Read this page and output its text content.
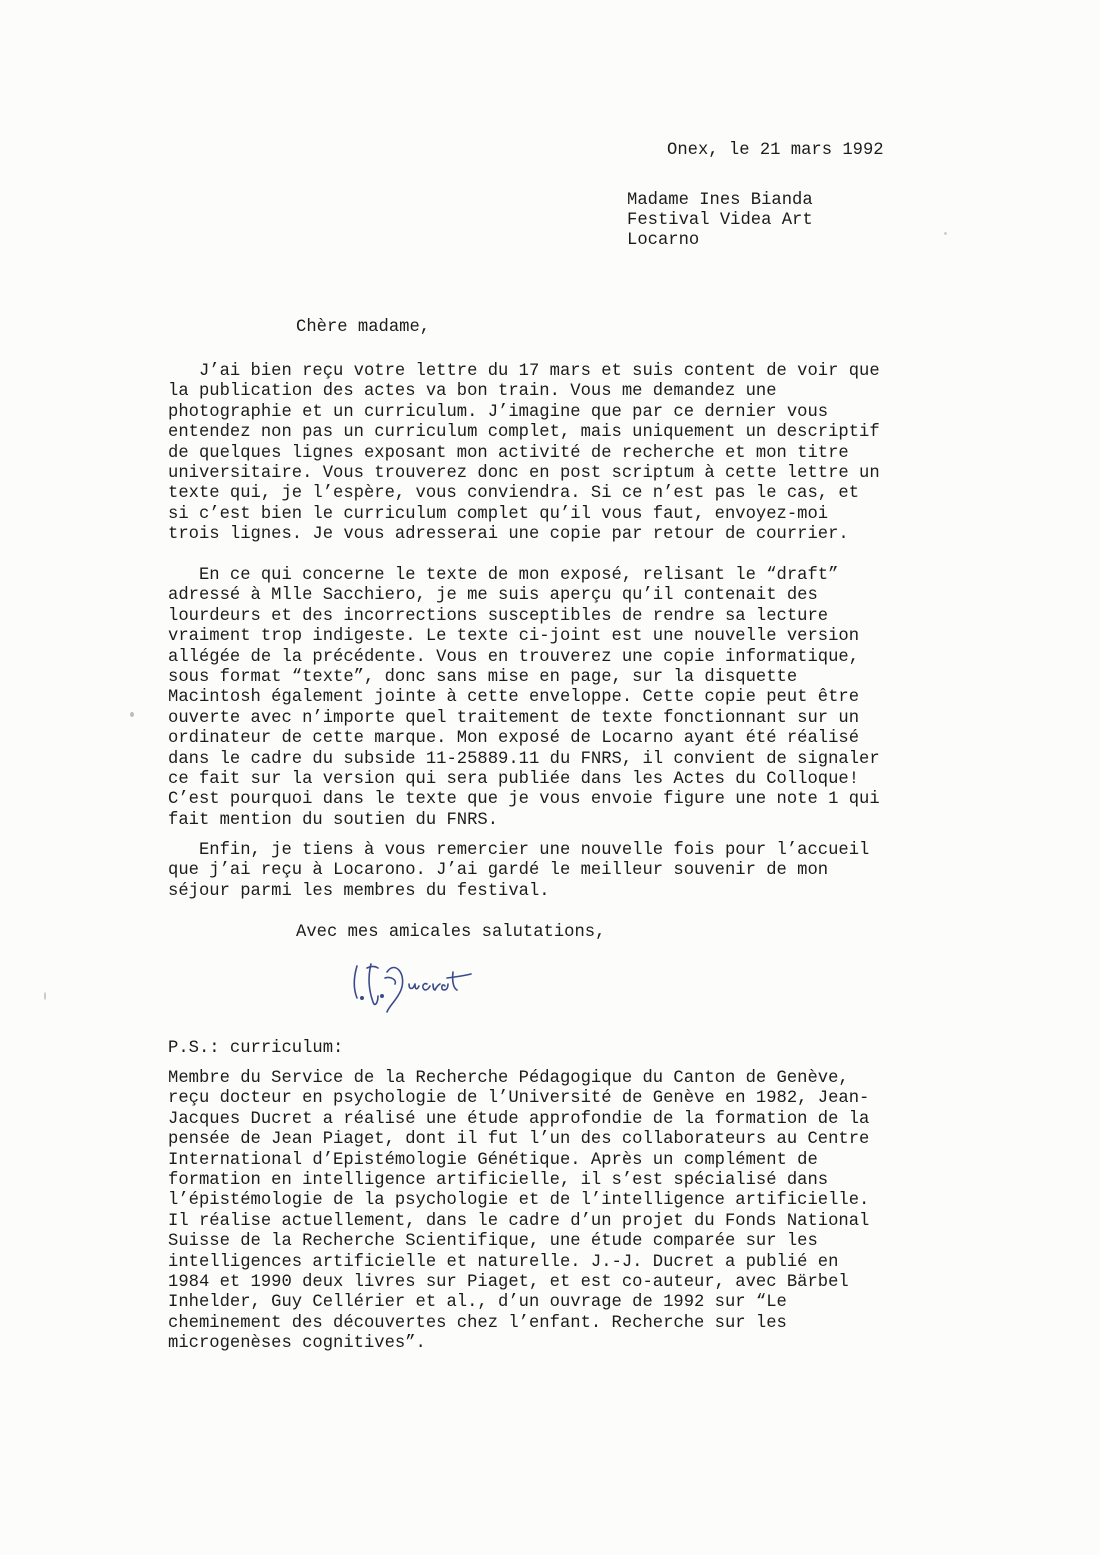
Onex, le 21 mars 1992
Madame Ines Bianda
Festival Videa Art
Locarno
Chère madame,
J’ai bien reçu votre lettre du 17 mars et suis content de voir que
la publication des actes va bon train. Vous me demandez une
photographie et un curriculum. J’imagine que par ce dernier vous
entendez non pas un curriculum complet, mais uniquement un descriptif
de quelques lignes exposant mon activité de recherche et mon titre
universitaire. Vous trouverez donc en post scriptum à cette lettre un
texte qui, je l’espère, vous conviendra. Si ce n’est pas le cas, et
si c’est bien le curriculum complet qu’il vous faut, envoyez-moi
trois lignes. Je vous adresserai une copie par retour de courrier.
En ce qui concerne le texte de mon exposé, relisant le “draft”
adressé à Mlle Sacchiero, je me suis aperçu qu’il contenait des
lourdeurs et des incorrections susceptibles de rendre sa lecture
vraiment trop indigeste. Le texte ci-joint est une nouvelle version
allégée de la précédente. Vous en trouverez une copie informatique,
sous format “texte”, donc sans mise en page, sur la disquette
Macintosh également jointe à cette enveloppe. Cette copie peut être
ouverte avec n’importe quel traitement de texte fonctionnant sur un
ordinateur de cette marque. Mon exposé de Locarno ayant été réalisé
dans le cadre du subside 11-25889.11 du FNRS, il convient de signaler
ce fait sur la version qui sera publiée dans les Actes du Colloque!
C’est pourquoi dans le texte que je vous envoie figure une note 1 qui
fait mention du soutien du FNRS.
Enfin, je tiens à vous remercier une nouvelle fois pour l’accueil
que j’ai reçu à Locarono. J’ai gardé le meilleur souvenir de mon
séjour parmi les membres du festival.
Avec mes amicales salutations,
P.S.: curriculum:
Membre du Service de la Recherche Pédagogique du Canton de Genève,
reçu docteur en psychologie de l’Université de Genève en 1982, Jean-
Jacques Ducret a réalisé une étude approfondie de la formation de la
pensée de Jean Piaget, dont il fut l’un des collaborateurs au Centre
International d’Epistémologie Génétique. Après un complément de
formation en intelligence artificielle, il s’est spécialisé dans
l’épistémologie de la psychologie et de l’intelligence artificielle.
Il réalise actuellement, dans le cadre d’un projet du Fonds National
Suisse de la Recherche Scientifique, une étude comparée sur les
intelligences artificielle et naturelle. J.-J. Ducret a publié en
1984 et 1990 deux livres sur Piaget, et est co-auteur, avec Bärbel
Inhelder, Guy Cellérier et al., d’un ouvrage de 1992 sur “Le
cheminement des découvertes chez l’enfant. Recherche sur les
microgenèses cognitives”.
